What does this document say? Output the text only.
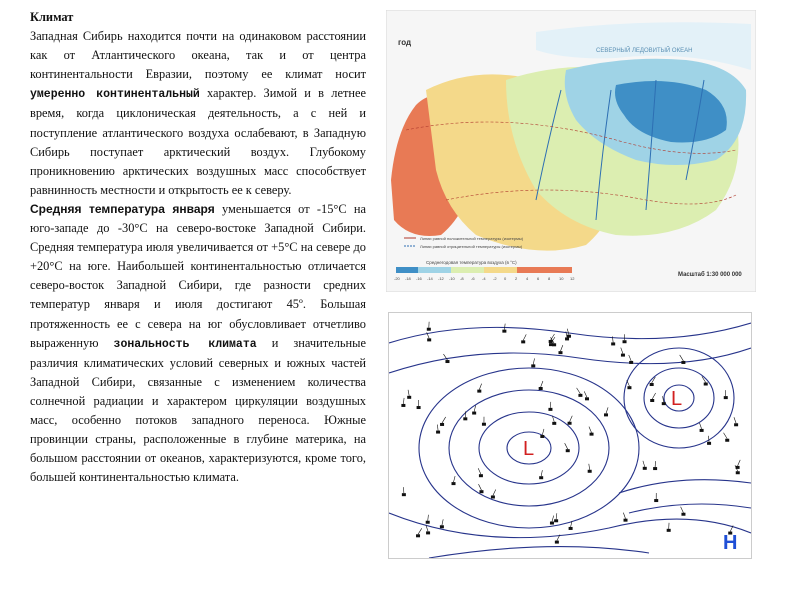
Климат

Западная Сибирь находится почти на одинаковом расстоянии как от Атлантического океана, так и от центра континентальности Евразии, поэтому ее климат носит умеренно континентальный характер. Зимой и в летнее время, когда циклоническая деятельность, а с ней и поступление атлантического воздуха ослабевают, в Западную Сибирь поступает арктический воздух. Глубокому проникновению арктических воздушных масс способствует равнинность местности и открытость ее к северу.

Средняя температура января уменьшается от -15°С на юго-западе до -30°С на северо-востоке Западной Сибири. Средняя температура июля увеличивается от +5°С на севере до +20°С на юге. Наибольшей континентальностью отличается северо-восток Западной Сибири, где разности средних температур января и июля достигают 45º. Большая протяженность ее с севера на юг обусловливает отчетливо выраженную зональность климата и значительные различия климатических условий северных и южных частей Западной Сибири, связанные с изменением количества солнечной радиации и характером циркуляции воздушных масс, особенно потоков западного переноса. Южные провинции страны, расположенные в глубине материка, на большом расстоянии от океанов, характеризуются, кроме того, большей континентальностью климата.

СЕВЕРНЫЙ ЛЕДОВИТЫЙ ОКЕАН
год
Линии равной положительной температуры (изотермы)
Линии равной отрицательной температуры (изотермы)
Среднегодовая температура воздуха (в °С)
-20 -18 -16 -14 -12 -10 -8 -6 -4 -2 0 2 4 6 8 10 12
Масштаб 1:30 000 000
L
L
H
